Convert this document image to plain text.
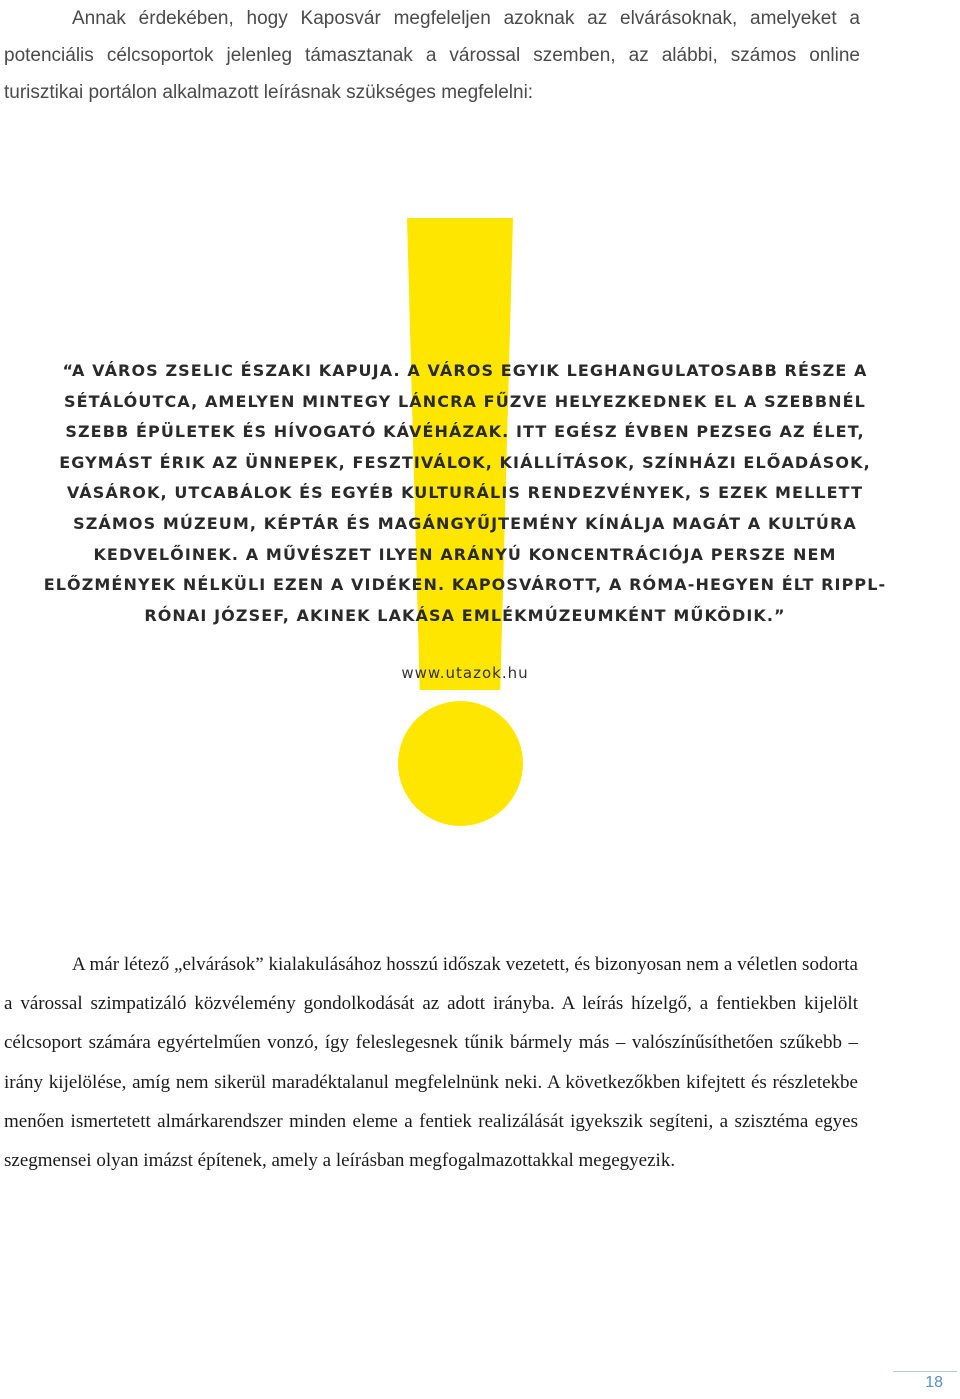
Annak érdekében, hogy Kaposvár megfeleljen azoknak az elvárásoknak, amelyeket a potenciális célcsoportok jelenleg támasztanak a várossal szemben, az alábbi, számos online turisztikai portálon alkalmazott leírásnak szükséges megfelelni:

“A VÁROS ZSELIC ÉSZAKI KAPUJA. A VÁROS EGYIK LEGHANGULATOSABB RÉSZE A SÉTÁLÓUTCA, AMELYEN MINTEGY LÁNCRA FŰZVE HELYEZKEDNEK EL A SZEBBNÉL SZEBB ÉPÜLETEK ÉS HÍVOGATÓ KÁVÉHÁZAK. ITT EGÉSZ ÉVBEN PEZSEG AZ ÉLET, EGYMÁST ÉRIK AZ ÜNNEPEK, FESZTIVÁLOK, KIÁLLÍTÁSOK, SZÍNHÁZI ELŐADÁSOK, VÁSÁROK, UTCABÁLOK ÉS EGYÉB KULTURÁLIS RENDEZVÉNYEK, S EZEK MELLETT SZÁMOS MÚZEUM, KÉPTÁR ÉS MAGÁNGYŰJTEMÉNY KÍNÁLJA MAGÁT A KULTÚRA KEDVELŐINEK. A MŰVÉSZET ILYEN ARÁNYÚ KONCENTRÁCIÓJA PERSZE NEM ELŐZMÉNYEK NÉLKÜLI EZEN A VIDÉKEN. KAPOSVÁROTT, A RÓMA-HEGYEN ÉLT RIPPL-RÓNAI JÓZSEF, AKINEK LAKÁSA EMLÉKMÚZEUMKÉNT MŰKÖDIK.”

www.utazok.hu

A már létező „elvárások” kialakulásához hosszú időszak vezetett, és bizonyosan nem a véletlen sodorta a várossal szimpatizáló közvélemény gondolkodását az adott irányba. A leírás hízelgő, a fentiekben kijelölt célcsoport számára egyértelműen vonzó, így feleslegesnek tűnik bármely más – valószínűsíthetően szűkebb – irány kijelölése, amíg nem sikerül maradéktalanul megfelelnünk neki. A következőkben kifejtett és részletekbe menően ismertetett almárkarendszer minden eleme a fentiek realizálását igyekszik segíteni, a szisztéma egyes szegmensei olyan imázst építenek, amely a leírásban megfogalmazottakkal megegyezik.

18
